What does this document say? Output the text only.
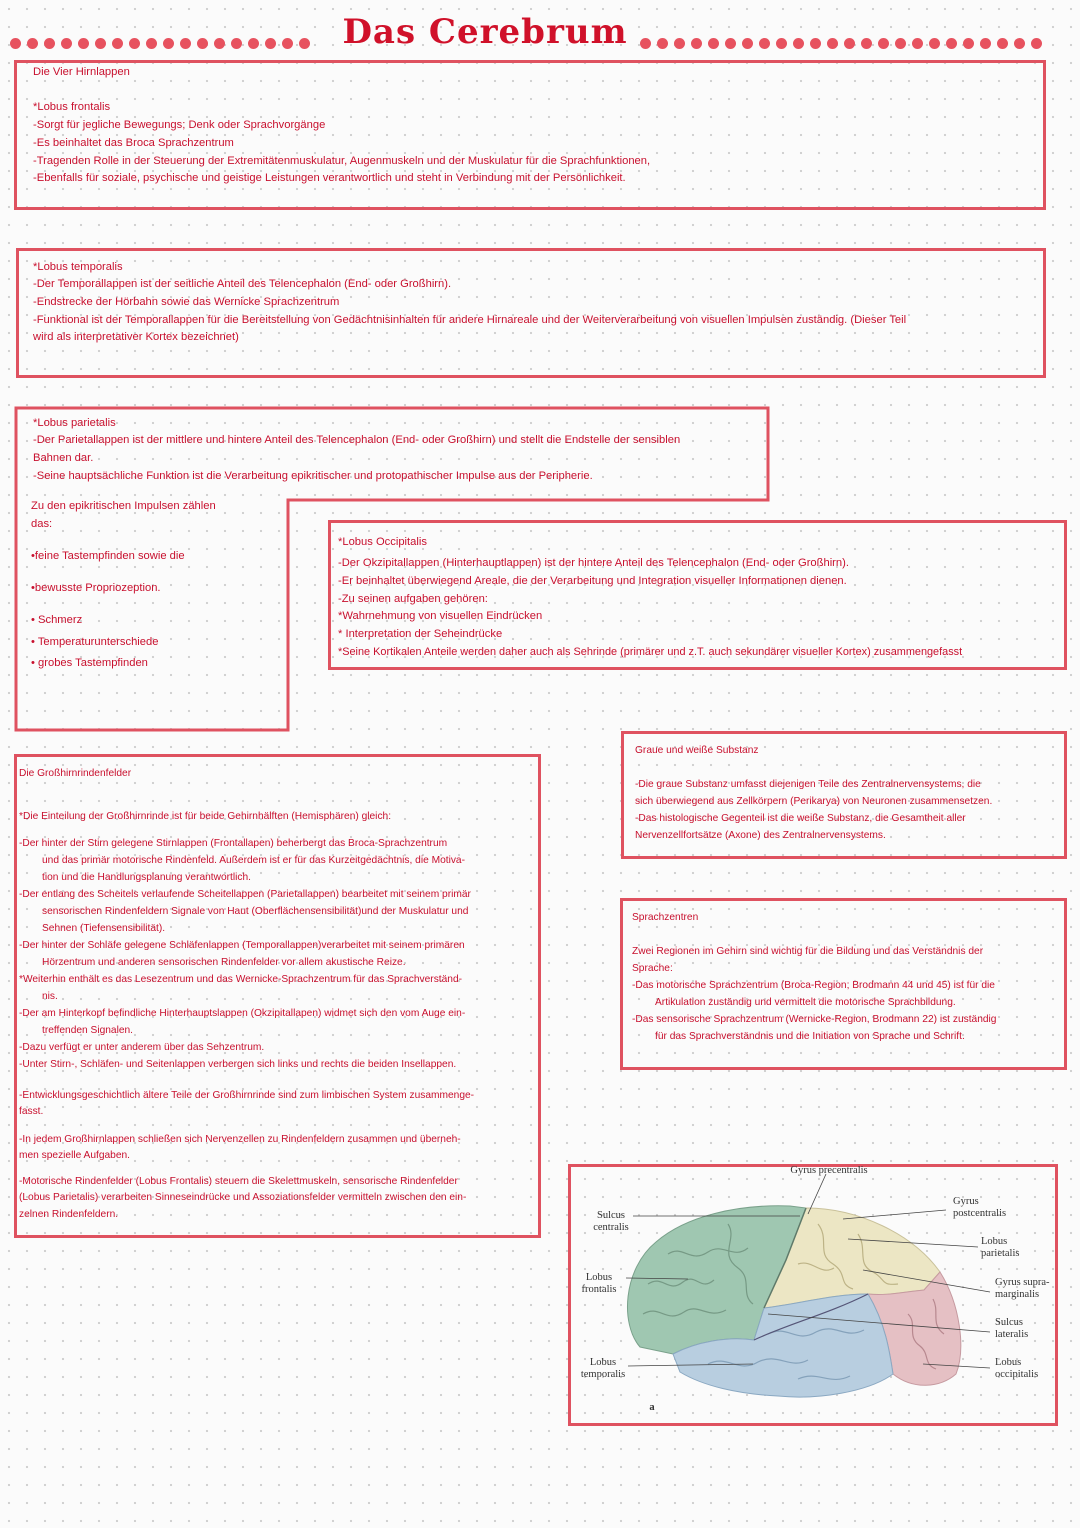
Das Cerebrum
Die Vier Hirnlappen
*Lobus frontalis
-Sorgt für jegliche Bewegungs; Denk oder Sprachvorgänge
-Es beinhaltet das Broca Sprachzentrum
-Tragenden Rolle in der Steuerung der Extremitätenmuskulatur, Augenmuskeln und der Muskulatur für die Sprachfunktionen,
-Ebenfalls für soziale, psychische und geistige Leistungen verantwortlich und steht in Verbindung mit der Persönlichkeit.
*Lobus temporalis
-Der Temporallappen ist der seitliche Anteil des Telencephalon (End- oder Großhirn).
-Endstrecke der Hörbahn sowie das Wernicke Sprachzentrum
-Funktional ist der Temporallappen für die Bereitstellung von Gedächtnisinhalten für andere Hirnareale und der Weiterverarbeitung von visuellen Impulsen zuständig. (Dieser Teil
wird als interpretativer Kortex bezeichnet)
*Lobus parietalis
-Der Parietallappen ist der mittlere und hintere Anteil des Telencephalon (End- oder Großhirn) und stellt die Endstelle der sensiblen
Bahnen dar.
-Seine hauptsächliche Funktion ist die Verarbeitung epikritischer und protopathischer Impulse aus der Peripherie.
Zu den epikritischen Impulsen zählen
das:
•feine Tastempfinden sowie die
•bewusste Propriozeption.
• Schmerz
• Temperaturunterschiede
• grobes Tastempfinden
*Lobus Occipitalis
-Der Okzipitallappen (Hinterhauptlappen) ist der hintere Anteil des Telencephalon (End- oder Großhirn).
-Er beinhaltet überwiegend Areale, die der Verarbeitung und Integration visueller Informationen dienen.
-Zu seinen aufgaben gehören:
*Wahrnehmung von visuellen Eindrücken
* Interpretation der Seheindrücke
*Seine Kortikalen Anteile werden daher auch als Sehrinde (primärer und z.T. auch sekundärer visueller Kortex) zusammengefasst
Die Großhirnrindenfelder
*Die Einteilung der Großhirnrinde ist für beide Gehirnhälften (Hemisphären) gleich:
-Der hinter der Stirn gelegene Stirnlappen (Frontallapen) beherbergt das Broca-Sprachzentrum
und das primär motorische Rindenfeld. Außerdem ist er für das Kurzeitgedächtnis, die Motiva-
tion und die Handlungsplanung verantwortlich.
-Der entlang des Scheitels verlaufende Scheitellappen (Parietallappen) bearbeitet mit seinem primär
sensorischen Rindenfeldern Signale von Haut (Oberflächensensibilität)und der Muskulatur und
Sehnen (Tiefensensibilität).
-Der hinter der Schläfe gelegene Schläfenlappen (Temporallappen)verarbeitet mit seinem primären
Hörzentrum und anderen sensorischen Rindenfelder vor allem akustische Reize.
*Weiterhin enthält es das Lesezentrum und das Wernicke-Sprachzentrum für das Sprachverständ-
nis.
-Der am Hinterkopf befindliche Hinterhauptslappen (Okzipitallapen) widmet sich den vom Auge ein-
treffenden Signalen.
-Dazu verfügt er unter anderem über das Sehzentrum.
-Unter Stirn-, Schläfen- und Seitenlappen verbergen sich links und rechts die beiden Insellappen.
-Entwicklungsgeschichtlich ältere Teile der Großhirnrinde sind zum limbischen System zusammenge-
fasst.
-In jedem Großhirnlappen schließen sich Nervenzellen zu Rindenfeldern zusammen und überneh-
men spezielle Aufgaben.
-Motorische Rindenfelder (Lobus Frontalis) steuern die Skelettmuskeln, sensorische Rindenfelder
(Lobus Parietalis) verarbeiten Sinneseindrücke und Assoziationsfelder vermitteln zwischen den ein-
zelnen Rindenfeldern.
Graue und weiße Substanz
-Die graue Substanz umfasst diejenigen Teile des Zentralnervensystems, die
sich überwiegend aus Zellkörpern (Perikarya) von Neuronen zusammensetzen.
-Das histologische Gegenteil ist die weiße Substanz, die Gesamtheit aller
Nervenzellfortsätze (Axone) des Zentralnervensystems.
Sprachzentren
Zwei Regionen im Gehirn sind wichtig für die Bildung und das Verständnis der
Sprache:
-Das motorische Sprachzentrum (Broca-Region; Brodmann 44 und 45) ist für die
Artikulation zuständig und vermittelt die motorische Sprachbildung.
-Das sensorische Sprachzentrum (Wernicke-Region, Brodmann 22) ist zuständig
für das Sprachverständnis und die Initiation von Sprache und Schrift.
Gyrus precentralis
Sulcus
centralis
Gyrus
postcentralis
Lobus
parietalis
Gyrus supra-
marginalis
Lobus
frontalis
Sulcus
lateralis
Lobus
temporalis
Lobus
occipitalis
a
